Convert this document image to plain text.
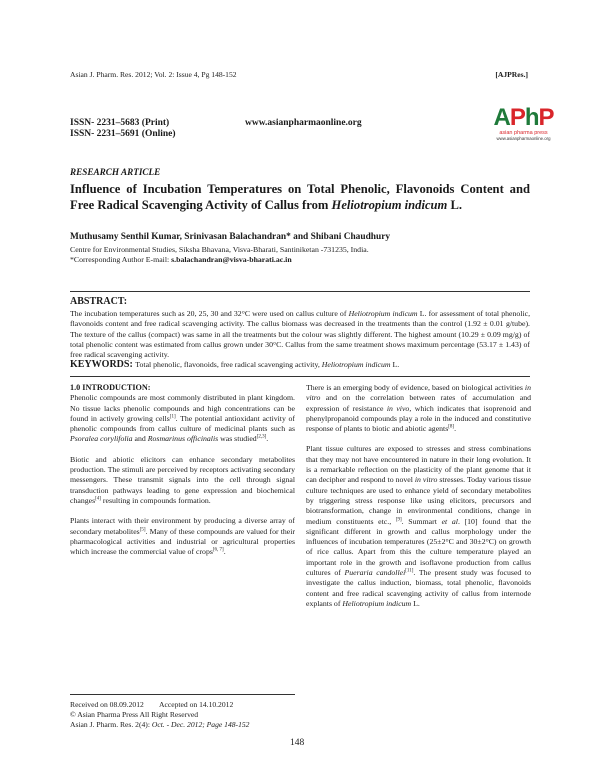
Asian J. Pharm. Res. 2012; Vol. 2: Issue 4, Pg 148-152	[AJPRes.]
ISSN- 2231–5683 (Print)
ISSN- 2231–5691 (Online)
www.asianpharmaonline.org	APhP
asian pharma press
www.asianpharmaonline.org
RESEARCH ARTICLE
Influence of Incubation Temperatures on Total Phenolic, Flavonoids Content and Free Radical Scavenging Activity of Callus from Heliotropium indicum L.
Muthusamy Senthil Kumar, Srinivasan Balachandran* and Shibani Chaudhury
Centre for Environmental Studies, Siksha Bhavana, Visva-Bharati, Santiniketan -731235, India.
*Corresponding Author E-mail: s.balachandran@visva-bharati.ac.in
ABSTRACT:
The incubation temperatures such as 20, 25, 30 and 32°C were used on callus culture of Heliotropium indicum L. for assessment of total phenolic, flavonoids content and free radical scavenging activity. The callus biomass was decreased in the treatments than the control (1.92 ± 0.01 g/tube). The texture of the callus (compact) was same in all the treatments but the colour was slightly different. The highest amount (10.29 ± 0.09 mg/g) of total phenolic content was estimated from callus grown under 30°C. Callus from the same treatment shows maximum percentage (53.17 ± 1.43) of free radical scavenging activity.
KEYWORDS: Total phenolic, flavonoids, free radical scavenging activity, Heliotropium indicum L.
1.0 INTRODUCTION:

Phenolic compounds are most commonly distributed in plant kingdom. No tissue lacks phenolic compounds and high concentrations can be found in actively growing cells[1]. The potential antioxidant activity of phenolic compounds from callus culture of medicinal plants such as Psoralea corylifolia and Rosmarinus officinalis was studied[2,3].

Biotic and abiotic elicitors can enhance secondary metabolites production. The stimuli are perceived by receptors activating secondary messengers. These transmit signals into the cell through signal transduction pathways leading to gene expression and biochemical changes[4] resulting in compounds formation.

Plants interact with their environment by producing a diverse array of secondary metabolites[5]. Many of these compounds are valued for their pharmacological activities and industrial or agricultural properties which increase the commercial value of crops[6, 7].

There is an emerging body of evidence, based on biological activities in vitro and on the correlation between rates of accumulation and expression of resistance in vivo, which indicates that isoprenoid and phenylpropanoid compounds play a role in the induced and constitutive response of plants to biotic and abiotic agents[8].

Plant tissue cultures are exposed to stresses and stress combinations that they may not have encountered in nature in their long evolution. It is a remarkable reflection on the plasticity of the plant genome that it can decipher and respond to novel in vitro stresses. Today various tissue culture techniques are used to enhance yield of secondary metabolites by triggering stress response like using elicitors, precursors and biotransformation, change in environmental conditions, change in medium constituents etc., [9]. Summart et al. [10] found that the significant different in growth and callus morphology under the influences of incubation temperatures (25±2°C and 30±2°C) on growth of rice callus. Apart from this the culture temperature played an important role in the growth and isoflavone production from callus cultures of Pueraria candollei[11]. The present study was focused to investigate the callus induction, biomass, total phenolic, flavonoids content and free radical scavenging activity of callus from internode explants of Heliotropium indicum L.

Received on 08.09.2012 Accepted on 14.10.2012
© Asian Pharma Press All Right Reserved
Asian J. Pharm. Res. 2(4): Oct. - Dec. 2012; Page 148-152
148
